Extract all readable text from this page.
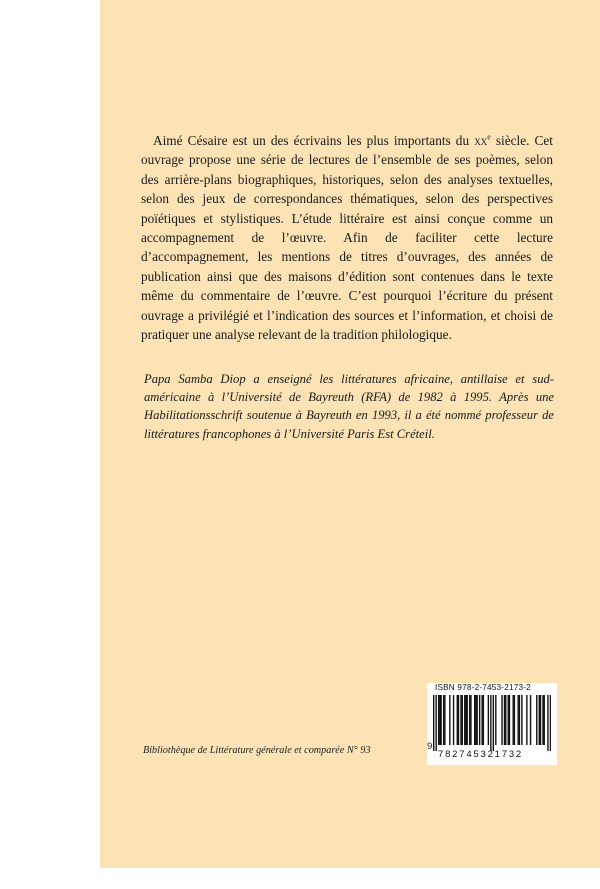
Aimé Césaire est un des écrivains les plus importants du $xx^e$ siècle. Cet ouvrage propose une série de lectures de l’ensemble de ses poèmes, selon des arrière-plans biographiques, historiques, selon des analyses textuelles, selon des jeux de correspondances thématiques, selon des perspectives poïétiques et stylistiques. L’étude littéraire est ainsi conçue comme un accompagnement de l’œuvre. Afin de faciliter cette lecture d’accompagnement, les mentions de titres d’ouvrages, des années de publication ainsi que des maisons d’édition sont contenues dans le texte même du commentaire de l’œuvre. C’est pourquoi l’écriture du présent ouvrage a privilégié et l’indication des sources et l’information, et choisi de pratiquer une analyse relevant de la tradition philologique.

Papa Samba Diop a enseigné les littératures africaine, antillaise et sud-américaine à l’Université de Bayreuth (RFA) de 1982 à 1995. Après une Habilitationsschrift soutenue à Bayreuth en 1993, il a été nommé professeur de littératures francophones à l’Université Paris Est Créteil.

Bibliothèque de Littérature générale et comparée N° 93
ISBN 978-2-7453-2173-2
9
782745321732
